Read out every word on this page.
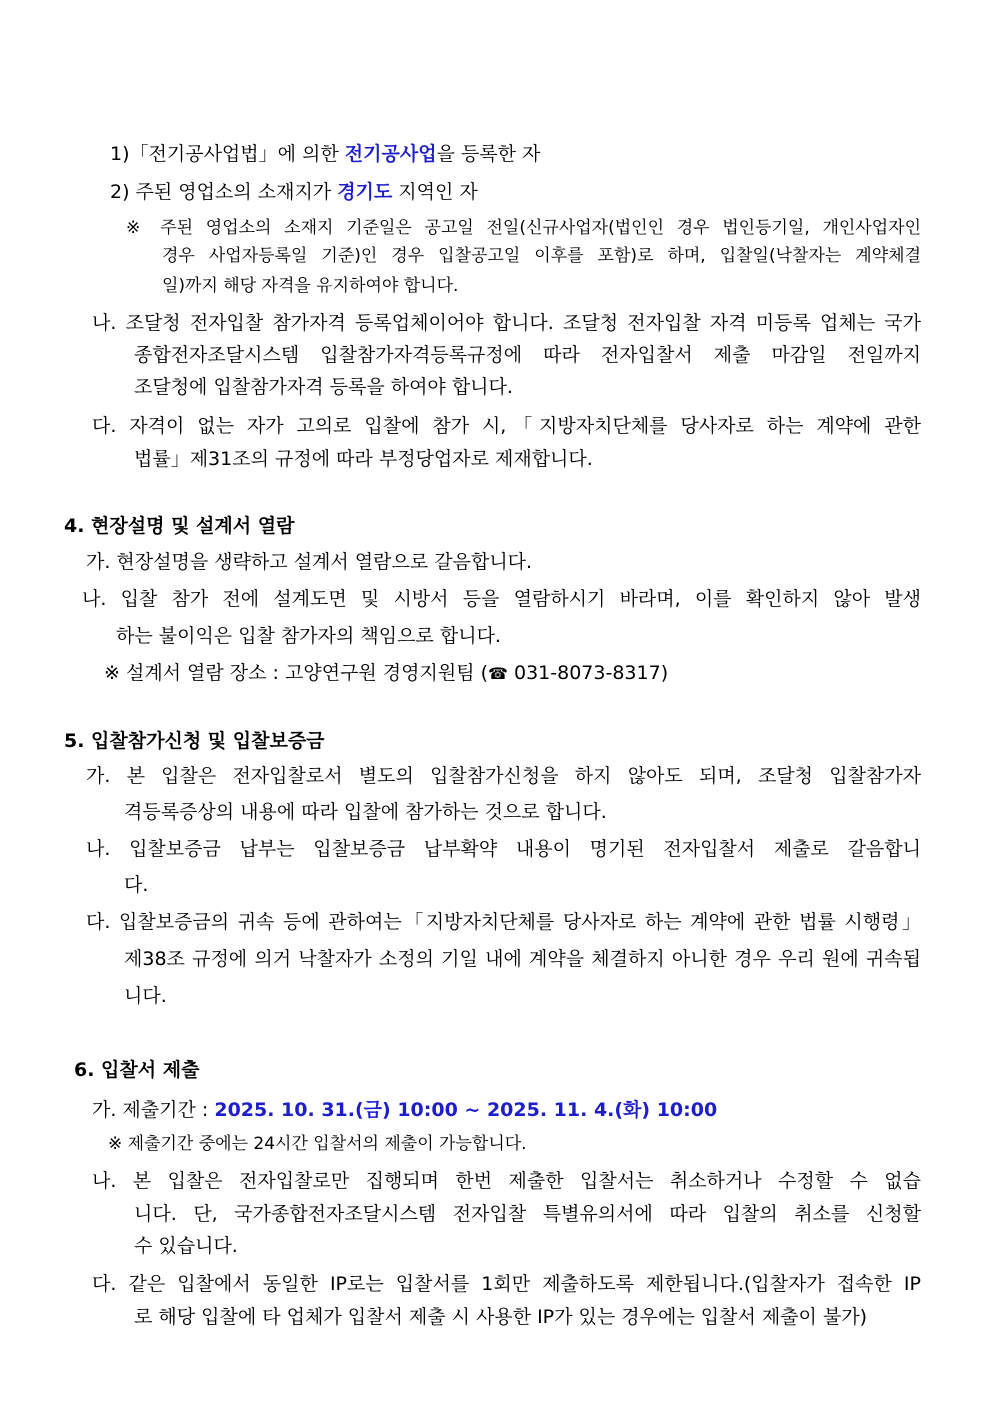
1)「전기공사업법」에 의한 전기공사업을 등록한 자
2) 주된 영업소의 소재지가 경기도 지역인 자
※ 주된 영업소의 소재지 기준일은 공고일 전일(신규사업자(법인인 경우 법인등기일, 개인사업자인
경우 사업자등록일 기준)인 경우 입찰공고일 이후를 포함)로 하며, 입찰일(낙찰자는 계약체결
일)까지 해당 자격을 유지하여야 합니다.
나. 조달청 전자입찰 참가자격 등록업체이어야 합니다. 조달청 전자입찰 자격 미등록 업체는 국가
종합전자조달시스템 입찰참가자격등록규정에 따라 전자입찰서 제출 마감일 전일까지
조달청에 입찰참가자격 등록을 하여야 합니다.
다. 자격이 없는 자가 고의로 입찰에 참가 시,「지방자치단체를 당사자로 하는 계약에 관한
법률」제31조의 규정에 따라 부정당업자로 제재합니다.
4. 현장설명 및 설계서 열람
가. 현장설명을 생략하고 설계서 열람으로 갈음합니다.
나. 입찰 참가 전에 설계도면 및 시방서 등을 열람하시기 바라며, 이를 확인하지 않아 발생
하는 불이익은 입찰 참가자의 책임으로 합니다.
※ 설계서 열람 장소 : 고양연구원 경영지원팀 (☎ 031-8073-8317)
5. 입찰참가신청 및 입찰보증금
가. 본 입찰은 전자입찰로서 별도의 입찰참가신청을 하지 않아도 되며, 조달청 입찰참가자
격등록증상의 내용에 따라 입찰에 참가하는 것으로 합니다.
나. 입찰보증금 납부는 입찰보증금 납부확약 내용이 명기된 전자입찰서 제출로 갈음합니
다.
다. 입찰보증금의 귀속 등에 관하여는「지방자치단체를 당사자로 하는 계약에 관한 법률 시행령」
제38조 규정에 의거 낙찰자가 소정의 기일 내에 계약을 체결하지 아니한 경우 우리 원에 귀속됩
니다.
6. 입찰서 제출
가. 제출기간 : 2025. 10. 31.(금) 10:00 ~ 2025. 11. 4.(화) 10:00
※ 제출기간 중에는 24시간 입찰서의 제출이 가능합니다.
나. 본 입찰은 전자입찰로만 집행되며 한번 제출한 입찰서는 취소하거나 수정할 수 없습
니다. 단, 국가종합전자조달시스템 전자입찰 특별유의서에 따라 입찰의 취소를 신청할
수 있습니다.
다. 같은 입찰에서 동일한 IP로는 입찰서를 1회만 제출하도록 제한됩니다.(입찰자가 접속한 IP
로 해당 입찰에 타 업체가 입찰서 제출 시 사용한 IP가 있는 경우에는 입찰서 제출이 불가)
